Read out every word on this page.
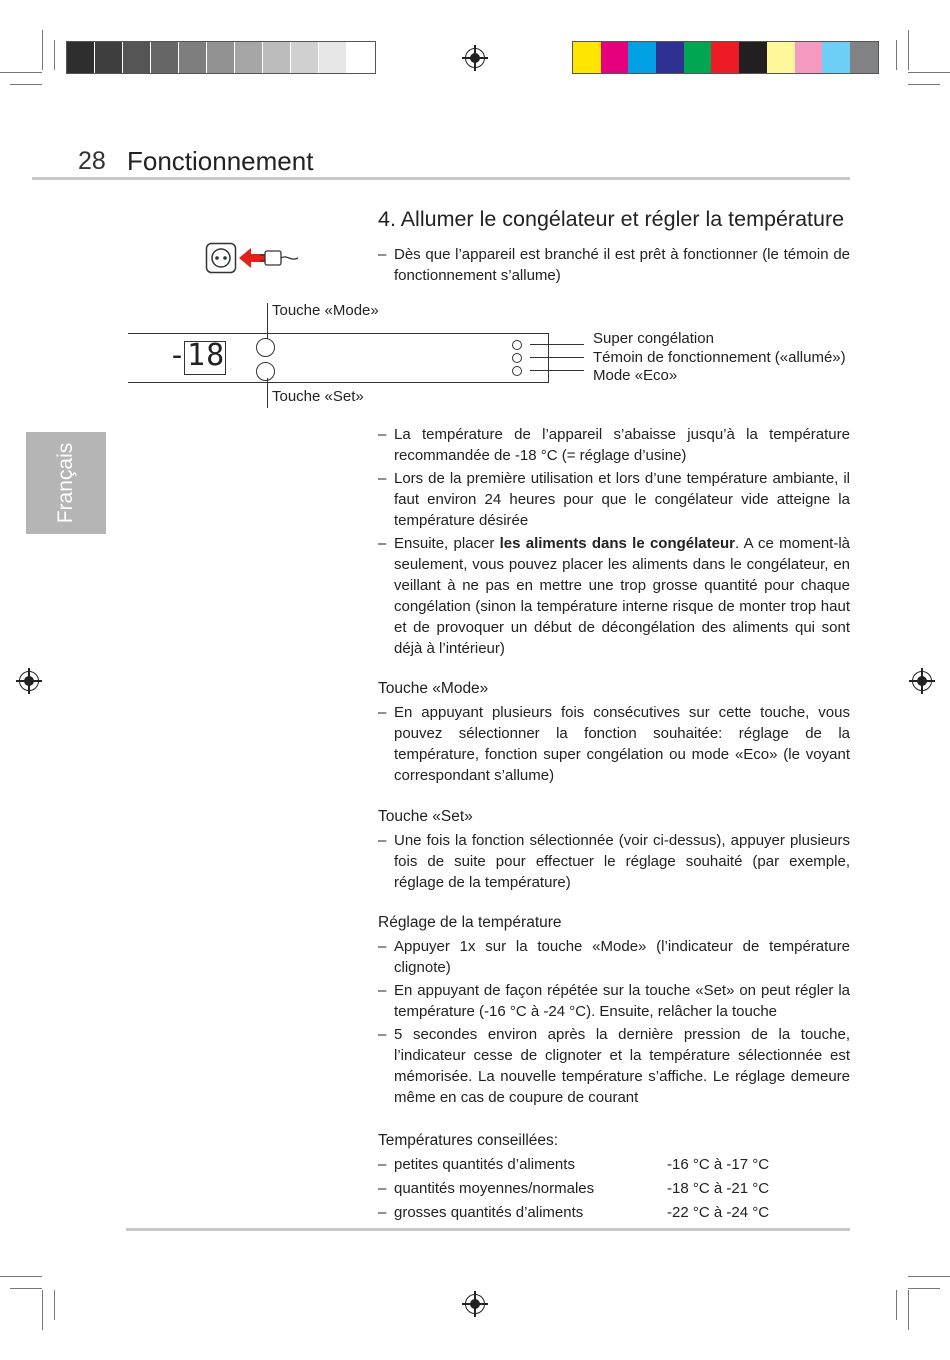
28 Fonctionnement
Français
4. Allumer le congélateur et régler la température
– Dès que l’appareil est branché il est prêt à fonctionner (le témoin de fonctionnement s’allume)
-18
Touche «Mode»
Touche «Set»
Super congélation
Témoin de fonctionnement («allumé»)
Mode «Eco»
– La température de l’appareil s’abaisse jusqu’à la température recommandée de -18 °C (= réglage d’usine)
– Lors de la première utilisation et lors d’une température ambiante, il faut environ 24 heures pour que le congélateur vide atteigne la température désirée
– Ensuite, placer les aliments dans le congélateur. A ce moment-là seulement, vous pouvez placer les aliments dans le congélateur, en veillant à ne pas en mettre une trop grosse quantité pour chaque congélation (sinon la température interne risque de monter trop haut et de provoquer un début de décongélation des aliments qui sont déjà à l’intérieur)
Touche «Mode»
– En appuyant plusieurs fois consécutives sur cette touche, vous pouvez sélectionner la fonction souhaitée: réglage de la température, fonction super congélation ou mode «Eco» (le voyant correspondant s’allume)
Touche «Set»
– Une fois la fonction sélectionnée (voir ci-dessus), appuyer plusieurs fois de suite pour effectuer le réglage souhaité (par exemple, réglage de la température)
Réglage de la température
– Appuyer 1x sur la touche «Mode» (l’indicateur de température clignote)
– En appuyant de façon répétée sur la touche «Set» on peut régler la température (-16 °C à -24 °C). Ensuite, relâcher la touche
– 5 secondes environ après la dernière pression de la touche, l’indicateur cesse de clignoter et la température sélectionnée est mémorisée. La nouvelle température s’affiche. Le réglage demeure même en cas de coupure de courant
Températures conseillées:
– petites quantités d’aliments	-16 °C à -17 °C
– quantités moyennes/normales	-18 °C à -21 °C
– grosses quantités d’aliments	-22 °C à -24 °C
